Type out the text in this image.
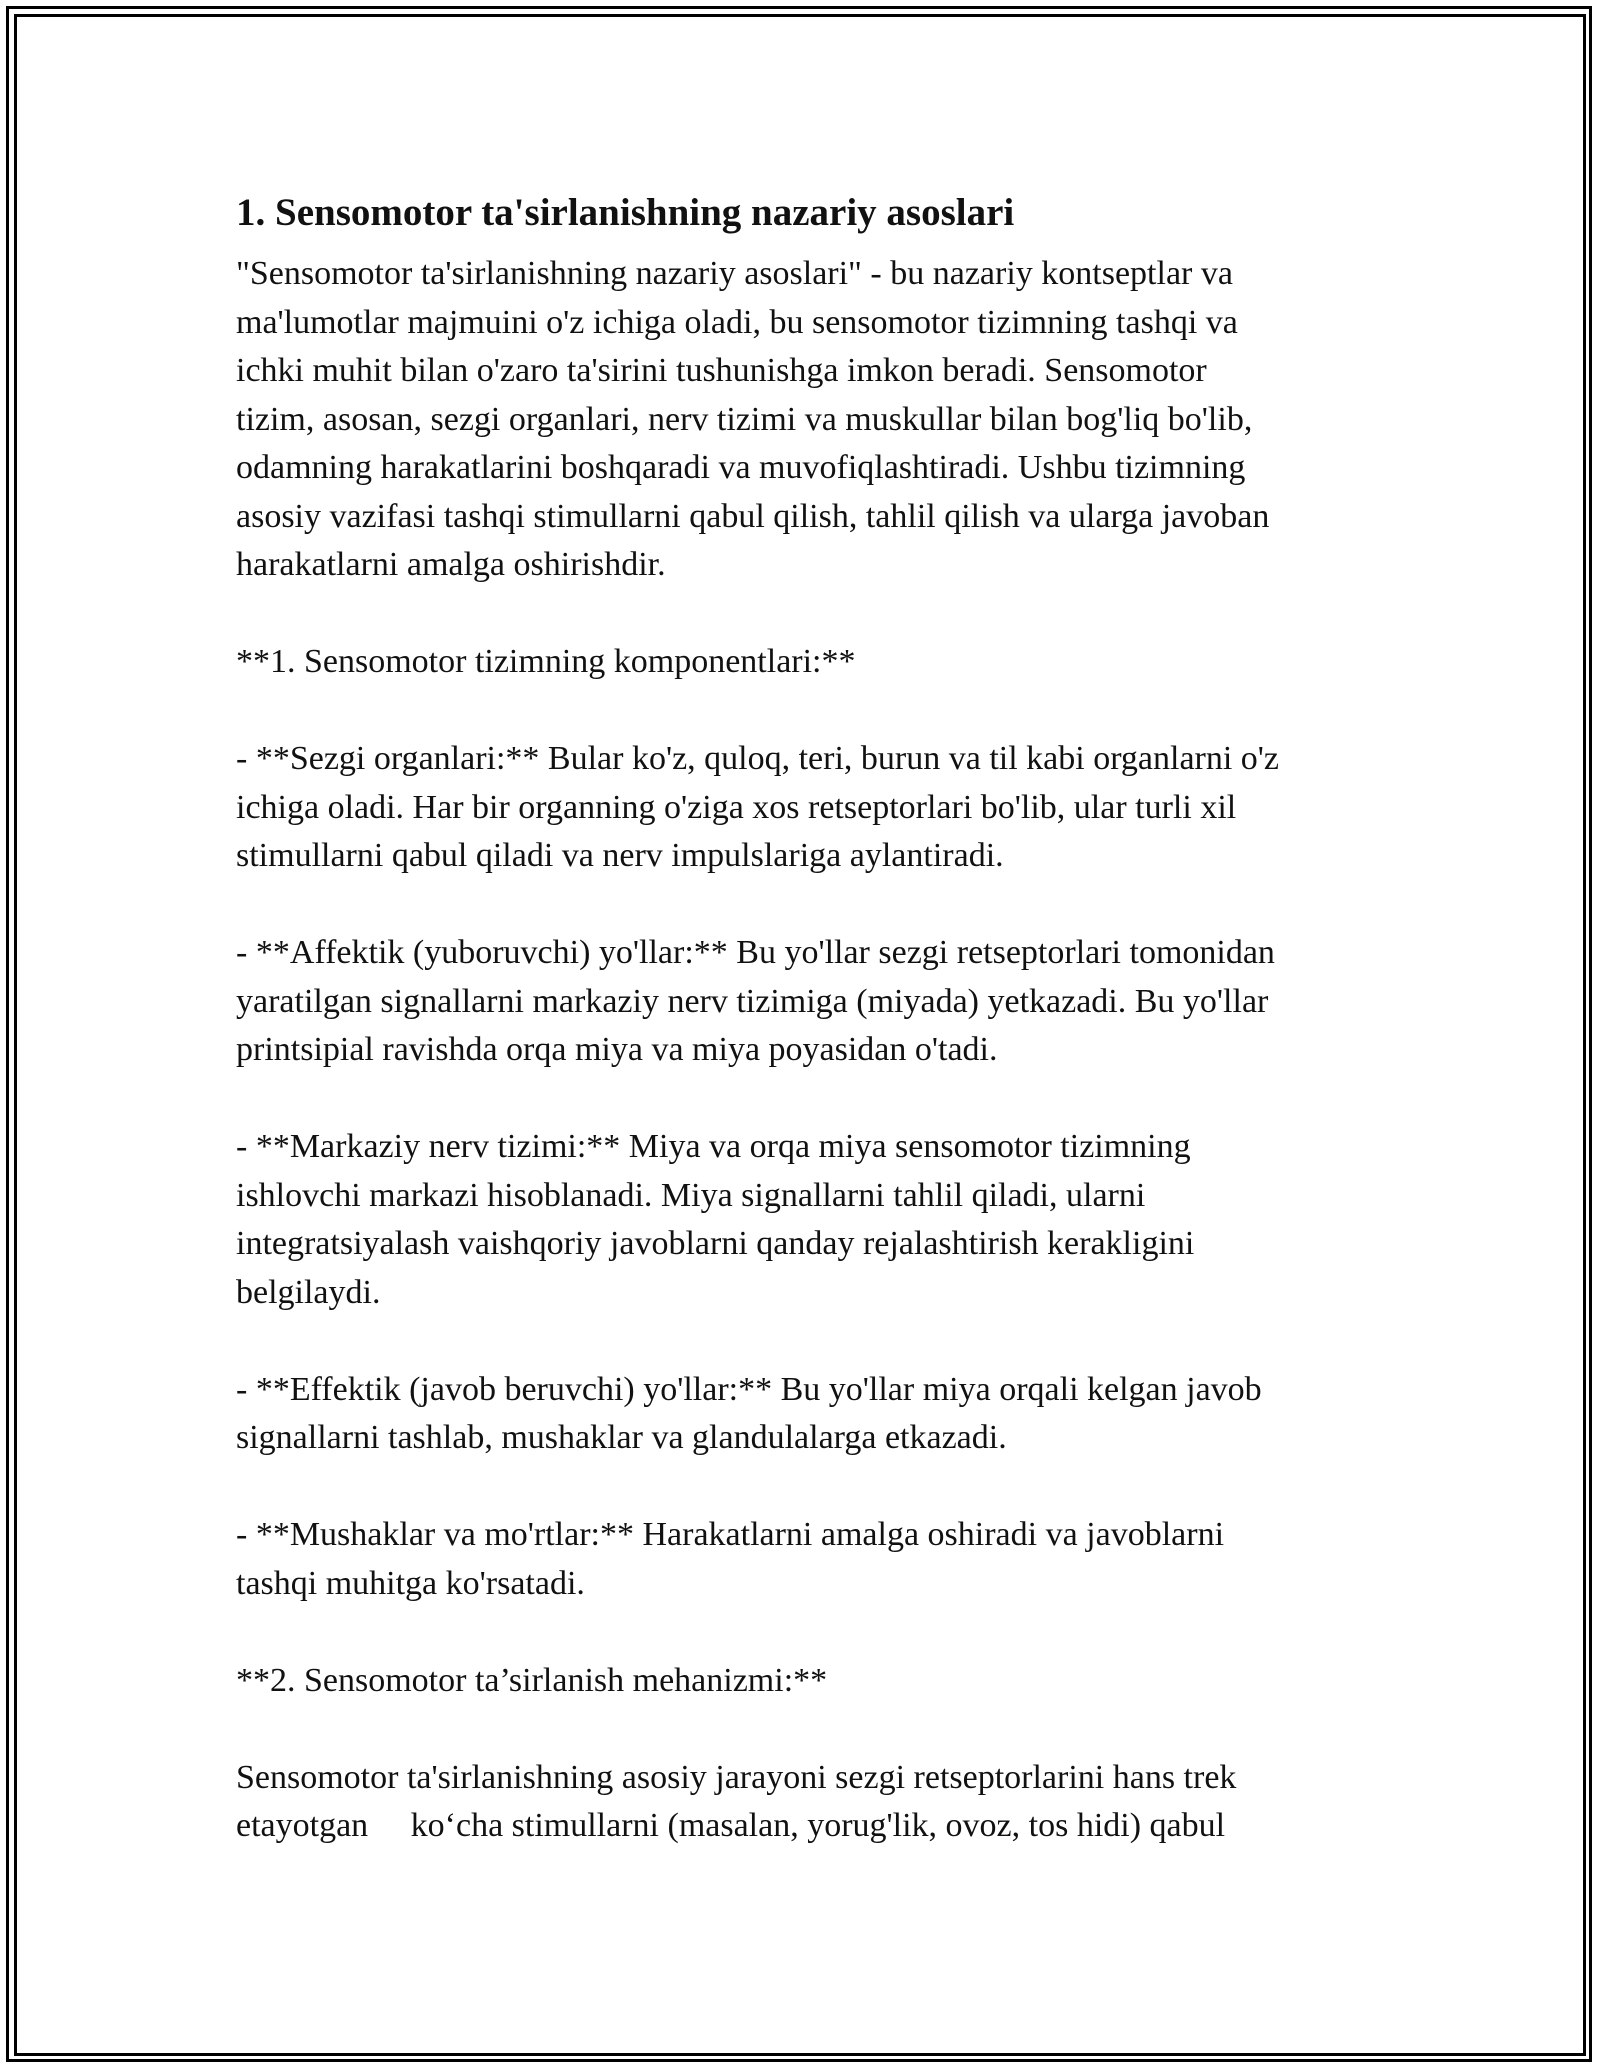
1. Sensomotor ta'sirlanishning nazariy asoslari

"Sensomotor ta'sirlanishning nazariy asoslari" - bu nazariy kontseptlar va
ma'lumotlar majmuini o'z ichiga oladi, bu sensomotor tizimning tashqi va
ichki muhit bilan o'zaro ta'sirini tushunishga imkon beradi. Sensomotor
tizim, asosan, sezgi organlari, nerv tizimi va muskullar bilan bog'liq bo'lib,
odamning harakatlarini boshqaradi va muvofiqlashtiradi. Ushbu tizimning
asosiy vazifasi tashqi stimullarni qabul qilish, tahlil qilish va ularga javoban
harakatlarni amalga oshirishdir.

**1. Sensomotor tizimning komponentlari:**

- **Sezgi organlari:** Bular ko'z, quloq, teri, burun va til kabi organlarni o'z
ichiga oladi. Har bir organning o'ziga xos retseptorlari bo'lib, ular turli xil
stimullarni qabul qiladi va nerv impulslariga aylantiradi.

- **Affektik (yuboruvchi) yo'llar:** Bu yo'llar sezgi retseptorlari tomonidan
yaratilgan signallarni markaziy nerv tizimiga (miyada) yetkazadi. Bu yo'llar
printsipial ravishda orqa miya va miya poyasidan o'tadi.

- **Markaziy nerv tizimi:** Miya va orqa miya sensomotor tizimning
ishlovchi markazi hisoblanadi. Miya signallarni tahlil qiladi, ularni
integratsiyalash vaishqoriy javoblarni qanday rejalashtirish kerakligini
belgilaydi.

- **Effektik (javob beruvchi) yo'llar:** Bu yo'llar miya orqali kelgan javob
signallarni tashlab, mushaklar va glandulalarga etkazadi.

- **Mushaklar va mo'rtlar:** Harakatlarni amalga oshiradi va javoblarni
tashqi muhitga ko'rsatadi.

**2. Sensomotor ta’sirlanish mehanizmi:**

Sensomotor ta'sirlanishning asosiy jarayoni sezgi retseptorlarini hans trek
etayotgan     ko‘cha stimullarni (masalan, yorug'lik, ovoz, tos hidi) qabul
